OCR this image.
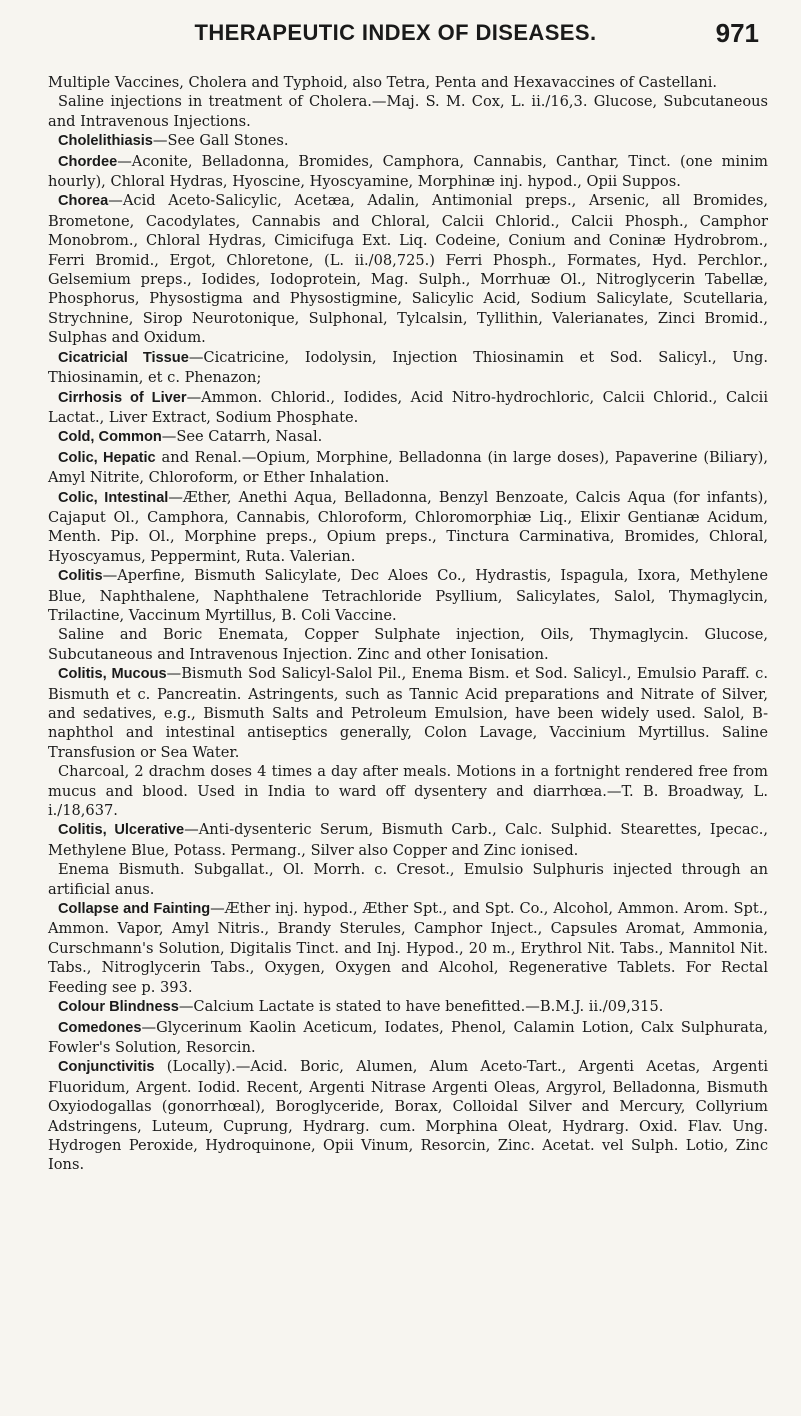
THERAPEUTIC INDEX OF DISEASES.	971

Multiple Vaccines, Cholera and Typhoid, also Tetra, Penta and Hexavaccines of Castellani.

Saline injections in treatment of Cholera.—Maj. S. M. Cox, L. ii./16,3. Glucose, Subcutaneous and Intravenous Injections.

Cholelithiasis—See Gall Stones.

Chordee—Aconite, Belladonna, Bromides, Camphora, Cannabis, Canthar, Tinct. (one minim hourly), Chloral Hydras, Hyoscine, Hyoscyamine, Morphinæ inj. hypod., Opii Suppos.

Chorea—Acid Aceto-Salicylic, Acetæa, Adalin, Antimonial preps., Arsenic, all Bromides, Brometone, Cacodylates, Cannabis and Chloral, Calcii Chlorid., Calcii Phosph., Camphor Monobrom., Chloral Hydras, Cimicifuga Ext. Liq. Codeine, Conium and Coninæ Hydrobrom., Ferri Bromid., Ergot, Chloretone, (L. ii./08,725.) Ferri Phosph., Formates, Hyd. Perchlor., Gelsemium preps., Iodides, Iodoprotein, Mag. Sulph., Morrhuæ Ol., Nitroglycerin Tabellæ, Phosphorus, Physostigma and Physostigmine, Salicylic Acid, Sodium Salicylate, Scutellaria, Strychnine, Sirop Neurotonique, Sulphonal, Tylcalsin, Tyllithin, Valerianates, Zinci Bromid., Sulphas and Oxidum.

Cicatricial Tissue—Cicatricine, Iodolysin, Injection Thiosinamin et Sod. Salicyl., Ung. Thiosinamin, et c. Phenazon;

Cirrhosis of Liver—Ammon. Chlorid., Iodides, Acid Nitro-hydrochloric, Calcii Chlorid., Calcii Lactat., Liver Extract, Sodium Phosphate.

Cold, Common—See Catarrh, Nasal.

Colic, Hepatic and Renal.—Opium, Morphine, Belladonna (in large doses), Papaverine (Biliary), Amyl Nitrite, Chloroform, or Ether Inhalation.

Colic, Intestinal—Æther, Anethi Aqua, Belladonna, Benzyl Benzoate, Calcis Aqua (for infants), Cajaput Ol., Camphora, Cannabis, Chloroform, Chloromorphiæ Liq., Elixir Gentianæ Acidum, Menth. Pip. Ol., Morphine preps., Opium preps., Tinctura Carminativa, Bromides, Chloral, Hyoscyamus, Peppermint, Ruta. Valerian.

Colitis—Aperfine, Bismuth Salicylate, Dec Aloes Co., Hydrastis, Ispagula, Ixora, Methylene Blue, Naphthalene, Naphthalene Tetrachloride Psyllium, Salicylates, Salol, Thymaglycin, Trilactine, Vaccinum Myrtillus, B. Coli Vaccine.

Saline and Boric Enemata, Copper Sulphate injection, Oils, Thymaglycin. Glucose, Subcutaneous and Intravenous Injection. Zinc and other Ionisation.

Colitis, Mucous—Bismuth Sod Salicyl-Salol Pil., Enema Bism. et Sod. Salicyl., Emulsio Paraff. c. Bismuth et c. Pancreatin. Astringents, such as Tannic Acid preparations and Nitrate of Silver, and sedatives, e.g., Bismuth Salts and Petroleum Emulsion, have been widely used. Salol, B-naphthol and intestinal antiseptics generally, Colon Lavage, Vaccinium Myrtillus. Saline Transfusion or Sea Water.

Charcoal, 2 drachm doses 4 times a day after meals. Motions in a fortnight rendered free from mucus and blood. Used in India to ward off dysentery and diarrhœa.—T. B. Broadway, L. i./18,637.

Colitis, Ulcerative—Anti-dysenteric Serum, Bismuth Carb., Calc. Sulphid. Stearettes, Ipecac., Methylene Blue, Potass. Permang., Silver also Copper and Zinc ionised.

Enema Bismuth. Subgallat., Ol. Morrh. c. Cresot., Emulsio Sulphuris injected through an artificial anus.

Collapse and Fainting—Æther inj. hypod., Æther Spt., and Spt. Co., Alcohol, Ammon. Arom. Spt., Ammon. Vapor, Amyl Nitris., Brandy Sterules, Camphor Inject., Capsules Aromat, Ammonia, Curschmann's Solution, Digitalis Tinct. and Inj. Hypod., 20 m., Erythrol Nit. Tabs., Mannitol Nit. Tabs., Nitroglycerin Tabs., Oxygen, Oxygen and Alcohol, Regenerative Tablets. For Rectal Feeding see p. 393.

Colour Blindness—Calcium Lactate is stated to have benefitted.—B.M.J. ii./09,315.

Comedones—Glycerinum Kaolin Aceticum, Iodates, Phenol, Calamin Lotion, Calx Sulphurata, Fowler's Solution, Resorcin.

Conjunctivitis (Locally).—Acid. Boric, Alumen, Alum Aceto-Tart., Argenti Acetas, Argenti Fluoridum, Argent. Iodid. Recent, Argenti Nitrase Argenti Oleas, Argyrol, Belladonna, Bismuth Oxyiodogallas (gonorrhœal), Boroglyceride, Borax, Colloidal Silver and Mercury, Collyrium Adstringens, Luteum, Cuprung, Hydrarg. cum. Morphina Oleat, Hydrarg. Oxid. Flav. Ung. Hydrogen Peroxide, Hydroquinone, Opii Vinum, Resorcin, Zinc. Acetat. vel Sulph. Lotio, Zinc Ions.
